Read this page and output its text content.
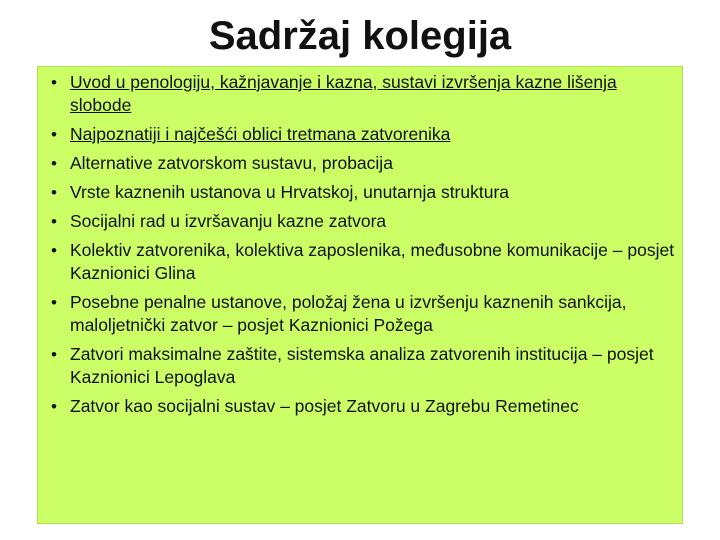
Sadržaj kolegija
• Uvod u penologiju, kažnjavanje i kazna, sustavi izvršenja kazne lišenja slobode
• Najpoznatiji i najčešći oblici tretmana zatvorenika
• Alternative zatvorskom sustavu, probacija
• Vrste kaznenih ustanova u Hrvatskoj, unutarnja struktura
• Socijalni rad u izvršavanju kazne zatvora
• Kolektiv zatvorenika, kolektiva zaposlenika, međusobne komunikacije – posjet Kaznionici Glina
• Posebne penalne ustanove, položaj žena u izvršenju kaznenih sankcija, maloljetnički zatvor – posjet Kaznionici Požega
• Zatvori maksimalne zaštite, sistemska analiza zatvorenih institucija – posjet Kaznionici Lepoglava
• Zatvor kao socijalni sustav – posjet Zatvoru u Zagrebu Remetinec
